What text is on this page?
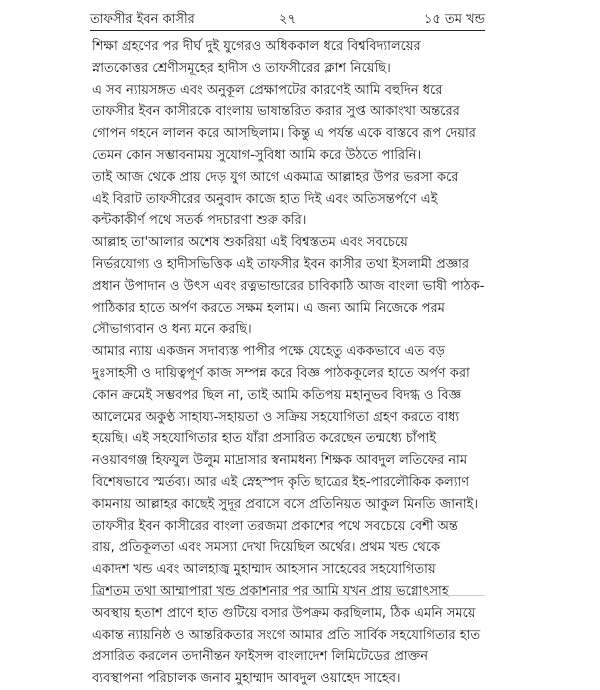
তাফসীর ইবন কাসীর	২৭	১৫ তম খন্ড
শিক্ষা গ্রহণের পর দীর্ঘ দুই যুগেরও অধিককাল ধরে বিশ্ববিদ্যালয়ের
স্নাতকোত্তর শ্রেণীসমূহের হাদীস ও তাফসীরের ক্লাশ নিয়েছি।
এ সব ন্যায়সঙ্গত এবং অনুকূল প্রেক্ষাপটের কারণেই আমি বহুদিন ধরে
তাফসীর ইবন কাসীরকে বাংলায় ভাষান্তরিত করার সুপ্ত আকাংখা অন্তরের
গোপন গহনে লালন করে আসছিলাম। কিন্তু এ পর্যন্ত একে বাস্তবে রূপ দেয়ার
তেমন কোন সম্ভাবনাময় সুযোগ-সুবিধা আমি করে উঠতে পারিনি।
তাই আজ থেকে প্রায় দেড় যুগ আগে একমাত্র আল্লাহর উপর ভরসা করে
এই বিরাট তাফসীরের অনুবাদ কাজে হাত দিই এবং অতিসন্তর্পণে এই
কন্টকাকীর্ণ পথে সতর্ক পদচারণা শুরু করি।
আল্লাহ তা'আলার অশেষ শুকরিয়া এই বিশ্বস্ততম এবং সবচেয়ে
নির্ভরযোগ্য ও হাদীসভিত্তিক এই তাফসীর ইবন কাসীর তথা ইসলামী প্রজ্ঞার
প্রধান উপাদান ও উৎস এবং রত্নভান্ডারের চাবিকাঠি আজ বাংলা ভাষী পাঠক-
পাঠিকার হাতে অর্পণ করতে সক্ষম হলাম। এ জন্য আমি নিজেকে পরম
সৌভাগ্যবান ও ধন্য মনে করছি।
আমার ন্যায় একজন সদাব্যস্ত পাপীর পক্ষে যেহেতু এককভাবে এত বড়
দুঃসাহসী ও দায়িত্বপূর্ণ কাজ সম্পন্ন করে বিজ্ঞ পাঠককূলের হাতে অর্পণ করা
কোন ক্রমেই সম্ভবপর ছিল না, তাই আমি কতিপয় মহানুভব বিদগ্ধ ও বিজ্ঞ
আলেমের অকুণ্ঠ সাহায্য-সহায়তা ও সক্রিয় সহযোগিতা গ্রহণ করতে বাধ্য
হয়েছি। এই সহযোগিতার হাত যাঁরা প্রসারিত করেছেন তন্মধ্যে চাঁপাই
নওয়াবগঞ্জ হিফযুল উলুম মাদ্রাসার স্বনামধন্য শিক্ষক আবদুল লতিফের নাম
বিশেষভাবে স্মর্তব্য। আর এই স্নেহস্পদ কৃতি ছাত্রের ইহ-পারলৌকিক কল্যাণ
কামনায় আল্লাহর কাছেই সুদূর প্রবাসে বসে প্রতিনিয়ত আকুল মিনতি জানাই।
তাফসীর ইবন কাসীরের বাংলা তরজমা প্রকাশের পথে সবচেয়ে বেশী অন্ত
রায়, প্রতিকূলতা এবং সমস্যা দেখা দিয়েছিল অর্থের। প্রথম খন্ড থেকে
একাদশ খন্ড এবং আলহাজ্ব মুহাম্মাদ আহসান সাহেবের সহযোগিতায়
ত্রিশতম তথা আম্মাপারা খন্ড প্রকাশনার পর আমি যখন প্রায় ভগ্নোৎসাহ
অবস্থায় হতাশ প্রাণে হাত গুটিয়ে বসার উপক্রম করছিলাম, ঠিক এমনি সময়ে
একান্ত ন্যায়নিষ্ঠ ও আন্তরিকতার সংগে আমার প্রতি সার্বিক সহযোগিতার হাত
প্রসারিত করলেন তদানীন্তন ফাইসন্স বাংলাদেশ লিমিটেডের প্রাক্তন
ব্যবস্থাপনা পরিচালক জনাব মুহাম্মাদ আবদুল ওয়াহেদ সাহেব।
